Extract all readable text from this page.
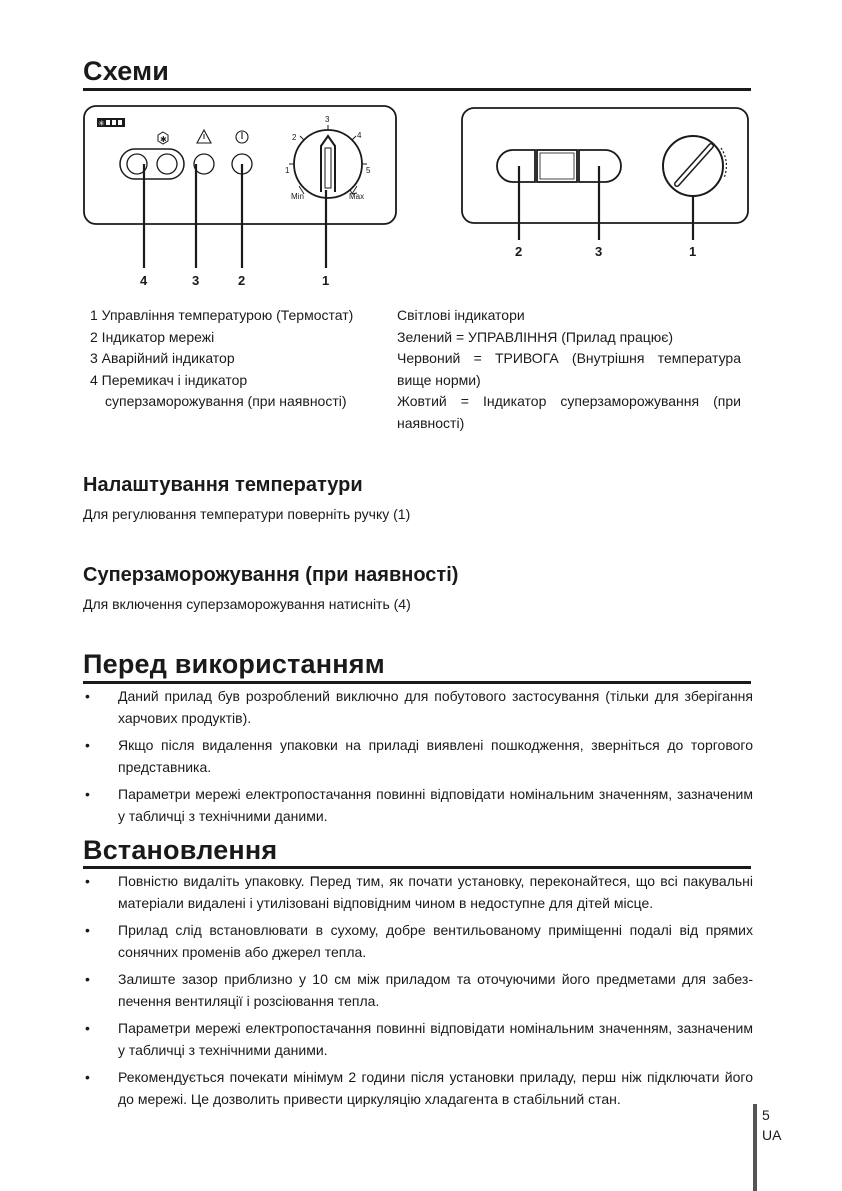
Схеми
✳
✱
3
4
5
Max
Min
1
2
4	3	2	1
2	3	1
1 Управління температурою (Термостат)
2 Індикатор мережі
3 Аварійний індикатор
4 Перемикач і індикатор
суперзаморожування (при наявності)
Світлові індикатори
Зелений = УПРАВЛІННЯ (Прилад працює)
Червоний = ТРИВОГА (Внутрішня температура вище норми)
Жовтий = Індикатор суперзаморожування (при наявності)
Налаштування температури
Для регулювання температури поверніть ручку (1)
Суперзаморожування (при наявності)
Для включення суперзаморожування натисніть (4)
Перед використанням
• Даний прилад був розроблений виключно для побутового застосування (тільки для зберігання харчових продуктів).
• Якщо після видалення упаковки на приладі виявлені пошкодження, зверніться до торгового представника.
• Параметри мережі електропостачання повинні відповідати номінальним значенням, зазначеним у табличці з технічними даними.
Встановлення
• Повністю видаліть упаковку. Перед тим, як почати установку, переконайтеся, що всі пакувальні матеріали видалені і утилізовані відповідним чином в недоступне для дітей місце.
• Прилад слід встановлювати в сухому, добре вентильованому приміщенні подалі від прямих сонячних променів або джерел тепла.
• Залиште зазор приблизно у 10 см між приладом та оточуючими його предметами для забезпечення вентиляції і розсіювання тепла.
• Параметри мережі електропостачання повинні відповідати номінальним значенням, зазначеним у табличці з технічними даними.
• Рекомендується почекати мінімум 2 години після установки приладу, перш ніж підключати його до мережі. Це дозволить привести циркуляцію хладагента в стабільний стан.
5
UA
